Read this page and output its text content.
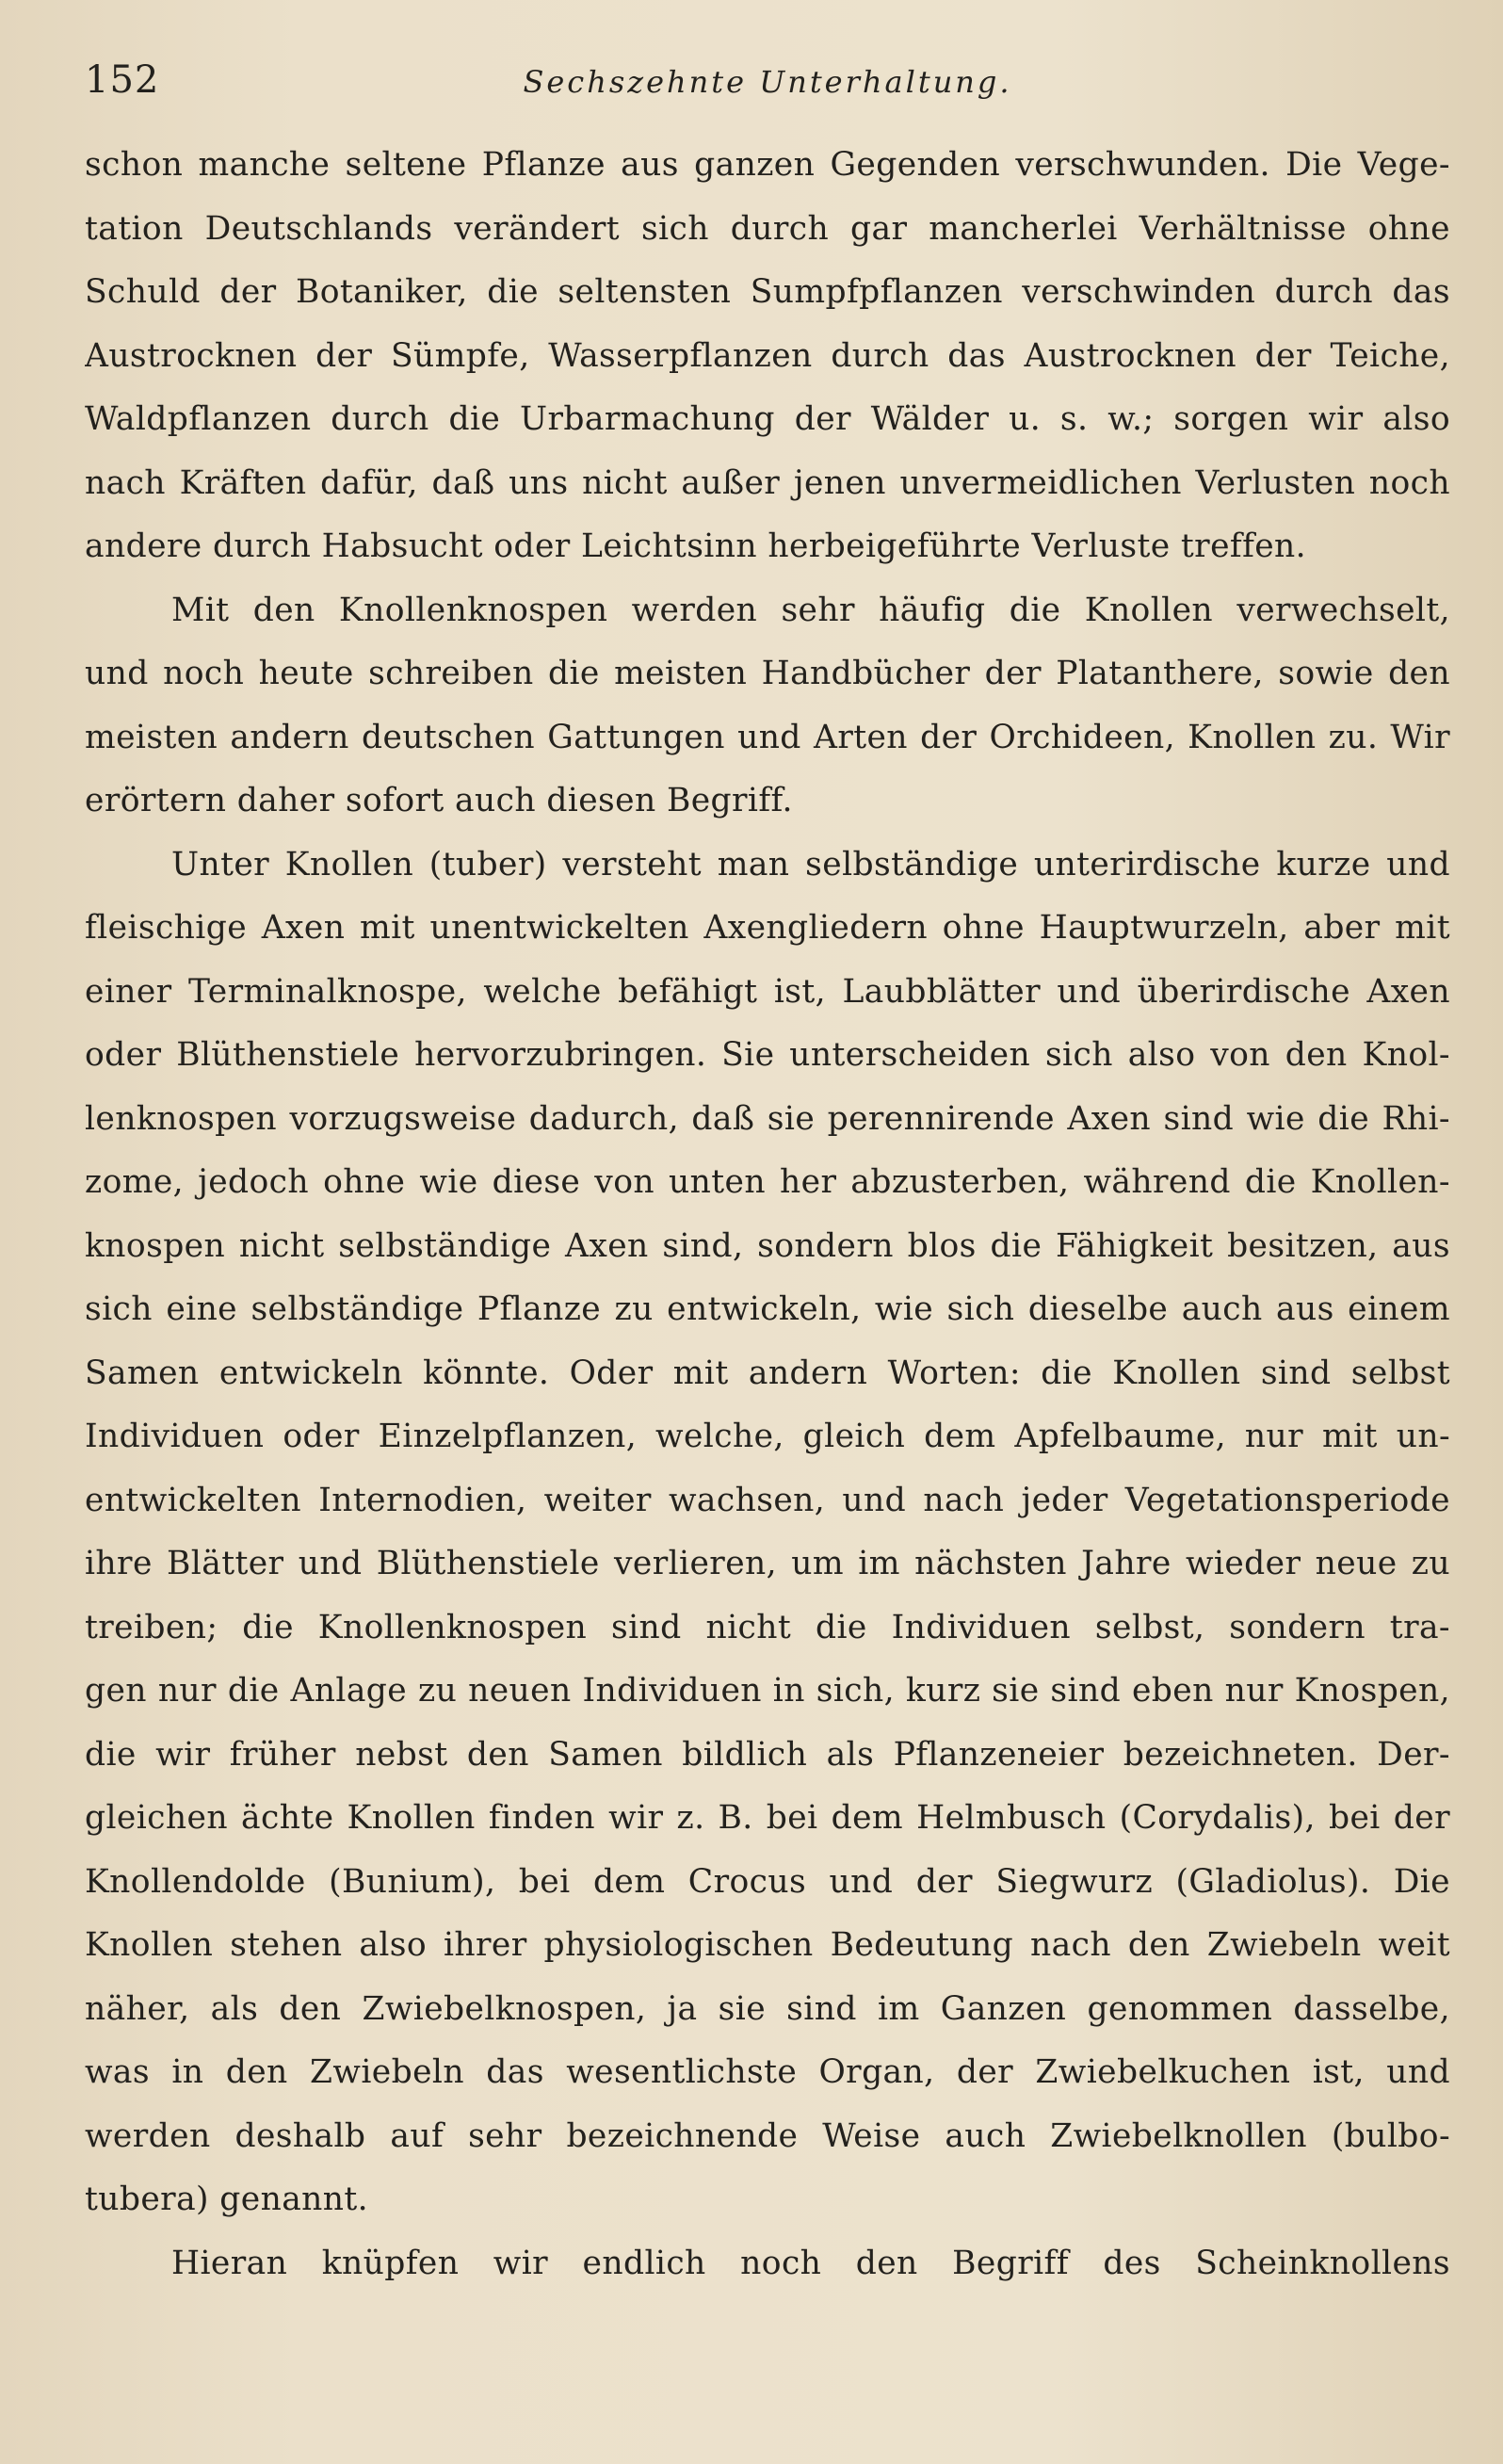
152	Sechszehnte Unterhaltung.
schon manche seltene Pflanze aus ganzen Gegenden verschwunden. Die Vege-
tation Deutschlands verändert sich durch gar mancherlei Verhältnisse ohne
Schuld der Botaniker, die seltensten Sumpfpflanzen verschwinden durch das
Austrocknen der Sümpfe, Wasserpflanzen durch das Austrocknen der Teiche,
Waldpflanzen durch die Urbarmachung der Wälder u. s. w.; sorgen wir also
nach Kräften dafür, daß uns nicht außer jenen unvermeidlichen Verlusten noch
andere durch Habsucht oder Leichtsinn herbeigeführte Verluste treffen.
Mit den Knollenknospen werden sehr häufig die Knollen verwechselt,
und noch heute schreiben die meisten Handbücher der Platanthere, sowie den
meisten andern deutschen Gattungen und Arten der Orchideen, Knollen zu. Wir
erörtern daher sofort auch diesen Begriff.
Unter Knollen (tuber) versteht man selbständige unterirdische kurze und
fleischige Axen mit unentwickelten Axengliedern ohne Hauptwurzeln, aber mit
einer Terminalknospe, welche befähigt ist, Laubblätter und überirdische Axen
oder Blüthenstiele hervorzubringen. Sie unterscheiden sich also von den Knol-
lenknospen vorzugsweise dadurch, daß sie perennirende Axen sind wie die Rhi-
zome, jedoch ohne wie diese von unten her abzusterben, während die Knollen-
knospen nicht selbständige Axen sind, sondern blos die Fähigkeit besitzen, aus
sich eine selbständige Pflanze zu entwickeln, wie sich dieselbe auch aus einem
Samen entwickeln könnte. Oder mit andern Worten: die Knollen sind selbst
Individuen oder Einzelpflanzen, welche, gleich dem Apfelbaume, nur mit un-
entwickelten Internodien, weiter wachsen, und nach jeder Vegetationsperiode
ihre Blätter und Blüthenstiele verlieren, um im nächsten Jahre wieder neue zu
treiben; die Knollenknospen sind nicht die Individuen selbst, sondern tra-
gen nur die Anlage zu neuen Individuen in sich, kurz sie sind eben nur Knospen,
die wir früher nebst den Samen bildlich als Pflanzeneier bezeichneten. Der-
gleichen ächte Knollen finden wir z. B. bei dem Helmbusch (Corydalis), bei der
Knollendolde (Bunium), bei dem Crocus und der Siegwurz (Gladiolus). Die
Knollen stehen also ihrer physiologischen Bedeutung nach den Zwiebeln weit
näher, als den Zwiebelknospen, ja sie sind im Ganzen genommen dasselbe,
was in den Zwiebeln das wesentlichste Organ, der Zwiebelkuchen ist, und
werden deshalb auf sehr bezeichnende Weise auch Zwiebelknollen (bulbo-
tubera) genannt.
Hieran knüpfen wir endlich noch den Begriff des Scheinknollens
